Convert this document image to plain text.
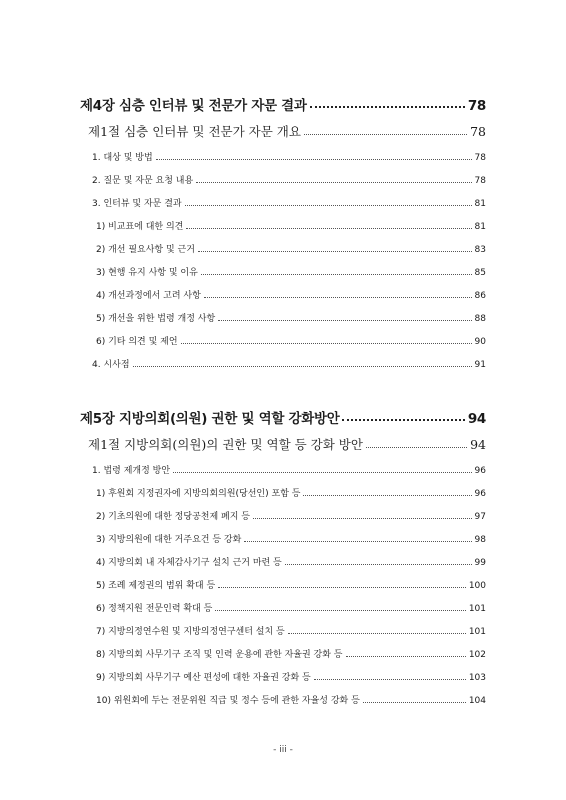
제4장 심층 인터뷰 및 전문가 자문 결과	78
제1절 심층 인터뷰 및 전문가 자문 개요	78
1. 대상 및 방법	78
2. 질문 및 자문 요청 내용	78
3. 인터뷰 및 자문 결과	81
1) 비교표에 대한 의견	81
2) 개선 필요사항 및 근거	83
3) 현행 유지 사항 및 이유	85
4) 개선과정에서 고려 사항	86
5) 개선을 위한 법령 개정 사항	88
6) 기타 의견 및 제언	90
4. 시사점	91
제5장 지방의회(의원) 권한 및 역할 강화방안	94
제1절 지방의회(의원)의 권한 및 역할 등 강화 방안	94
1. 법령 제개정 방안	96
1) 후원회 지정권자에 지방의회의원(당선인) 포함 등	96
2) 기초의원에 대한 정당공천제 폐지 등	97
3) 지방의원에 대한 거주요건 등 강화	98
4) 지방의회 내 자체감사기구 설치 근거 마련 등	99
5) 조례 제정권의 범위 확대 등	100
6) 정책지원 전문인력 확대 등	101
7) 지방의정연수원 및 지방의정연구센터 설치 등	101
8) 지방의회 사무기구 조직 및 인력 운용에 관한 자율권 강화 등	102
9) 지방의회 사무기구 예산 편성에 대한 자율권 강화 등	103
10) 위원회에 두는 전문위원 직급 및 정수 등에 관한 자율성 강화 등	104
- iii -
